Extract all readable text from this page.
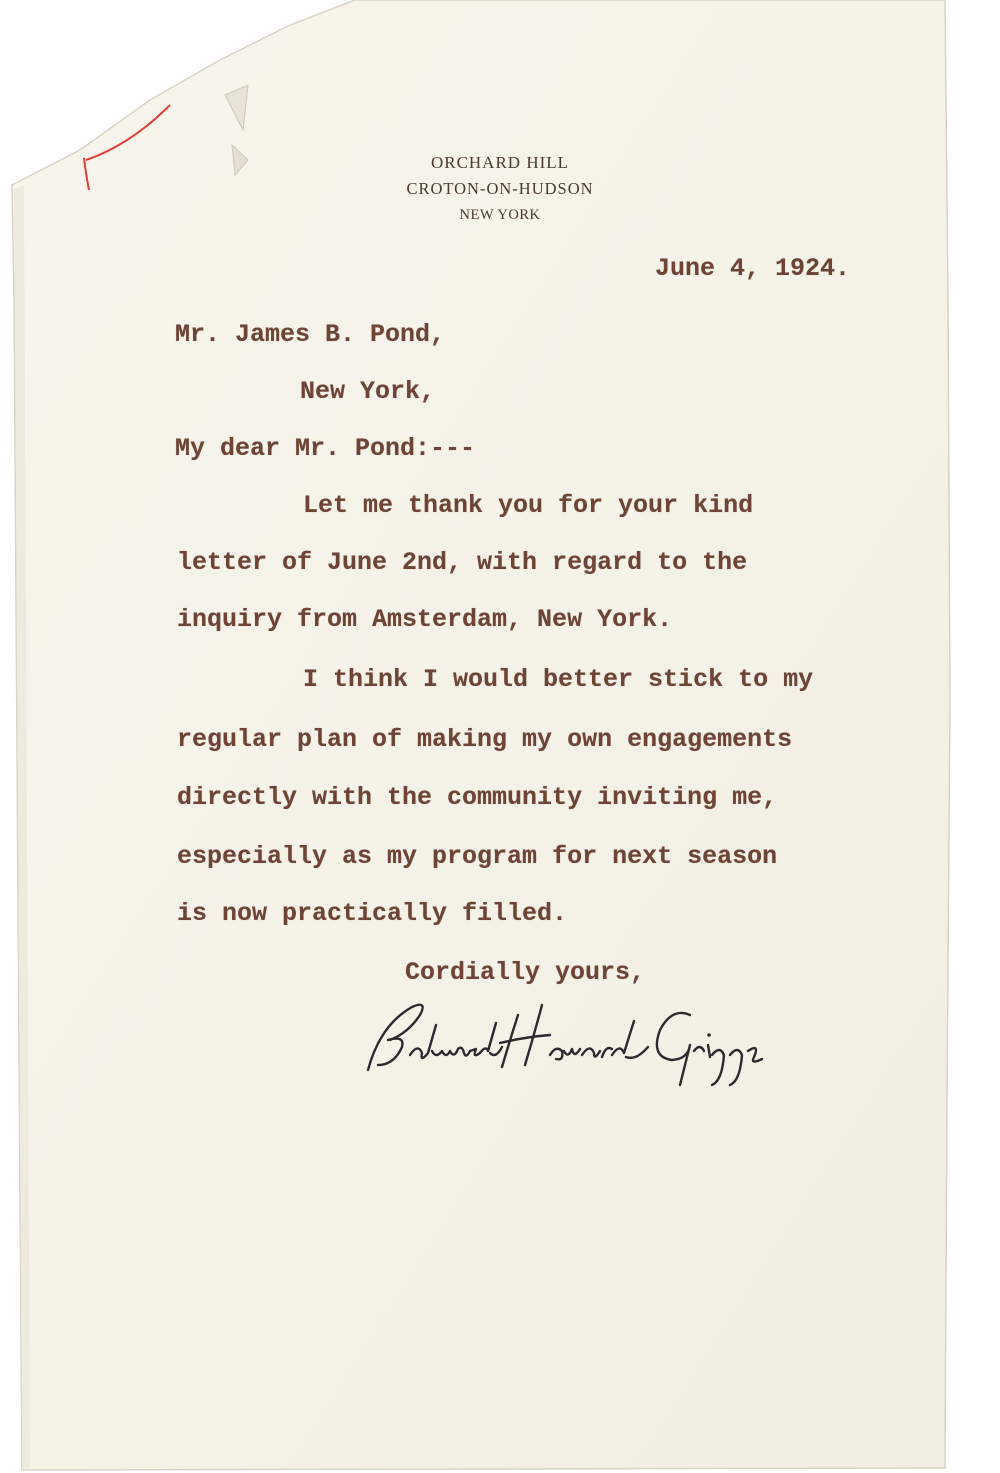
ORCHARD HILL
CROTON-ON-HUDSON
NEW YORK
June 4, 1924.
Mr. James B. Pond,
New York,
My dear Mr. Pond:---
Let me thank you for your kind
letter of June 2nd, with regard to the
inquiry from Amsterdam, New York.
I think I would better stick to my
regular plan of making my own engagements
directly with the community inviting me,
especially as my program for next season
is now practically filled.
Cordially yours,
